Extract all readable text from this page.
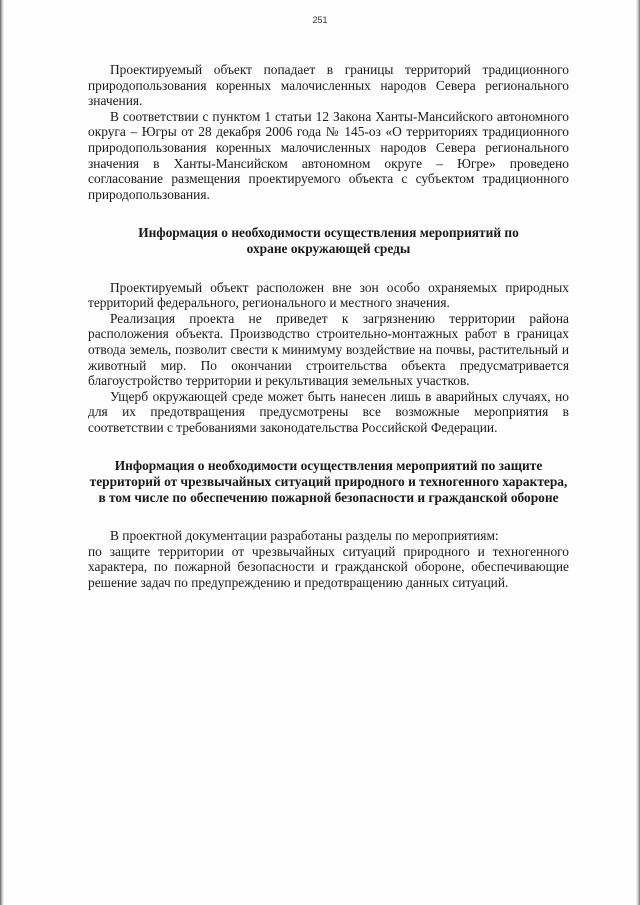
251

Проектируемый объект попадает в границы территорий традиционного природопользования коренных малочисленных народов Севера регионального значения.

В соответствии с пунктом 1 статьи 12 Закона Ханты-Мансийского автономного округа – Югры от 28 декабря 2006 года № 145-оз «О территориях традиционного природопользования коренных малочисленных народов Севера регионального значения в Ханты-Мансийском автономном округе – Югре» проведено согласование размещения проектируемого объекта с субъектом традиционного природопользования.

Информация о необходимости осуществления мероприятий по охране окружающей среды

Проектируемый объект расположен вне зон особо охраняемых природных территорий федерального, регионального и местного значения.

Реализация проекта не приведет к загрязнению территории района расположения объекта. Производство строительно-монтажных работ в границах отвода земель, позволит свести к минимуму воздействие на почвы, растительный и животный мир. По окончании строительства объекта предусматривается благоустройство территории и рекультивация земельных участков.

Ущерб окружающей среде может быть нанесен лишь в аварийных случаях, но для их предотвращения предусмотрены все возможные мероприятия в соответствии с требованиями законодательства Российской Федерации.

Информация о необходимости осуществления мероприятий по защите территорий от чрезвычайных ситуаций природного и техногенного характера, в том числе по обеспечению пожарной безопасности и гражданской обороне

В проектной документации разработаны разделы по мероприятиям:

по защите территории от чрезвычайных ситуаций природного и техногенного характера, по пожарной безопасности и гражданской обороне, обеспечивающие решение задач по предупреждению и предотвращению данных ситуаций.
